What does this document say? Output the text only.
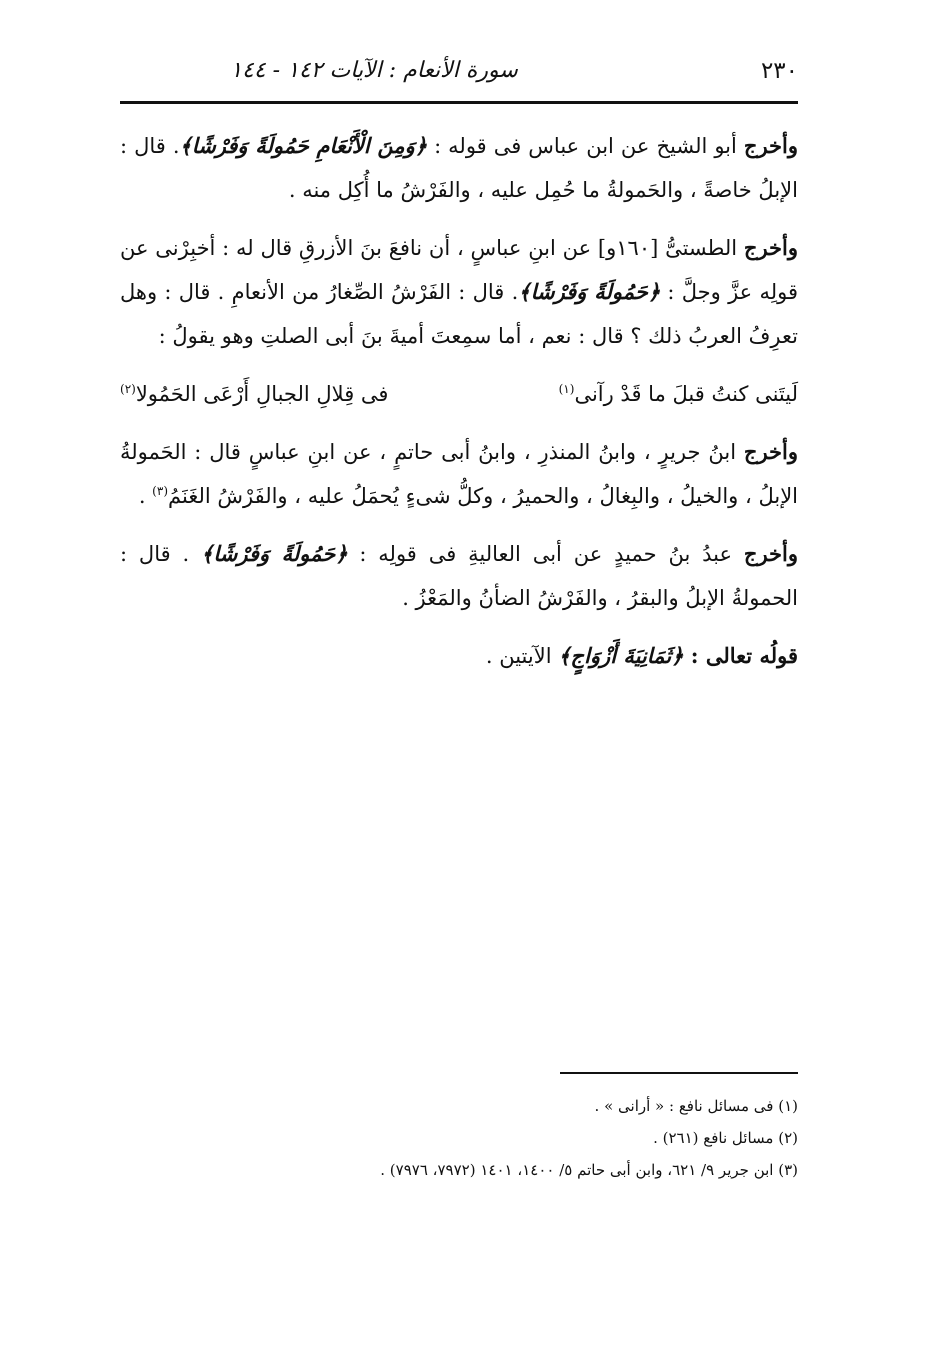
٢٣٠
سورة الأنعام : الآيات ١٤٢ - ١٤٤

وأخرج أبو الشيخ عن ابن عباس فى قوله : ﴿وَمِنَ الْأَنْعَامِ حَمُولَةً وَفَرْشًا﴾. قال : الإبلُ خاصةً ، والحَمولةُ ما حُمِل عليه ، والفَرْشُ ما أُكِل منه .

وأخرج الطستىُّ [١٦٠و] عن ابنِ عباسٍ ، أن نافعَ بنَ الأزرقِ قال له : أخبِرْنى عن قولِه عزَّ وجلَّ : ﴿حَمُولَةً وَفَرْشًا﴾. قال : الفَرْشُ الصِّغارُ من الأنعامِ . قال : وهل تعرِفُ العربُ ذلك ؟ قال : نعم ، أما سمِعتَ أميةَ بنَ أبى الصلتِ وهو يقولُ :

لَيتَنى كنتُ قبلَ ما قَدْ رآنى$^{(١)}$
فى قِلالِ الجبالِ أَرْعَى الحَمُولا$^{(٢)}$

وأخرج ابنُ جريرٍ ، وابنُ المنذرِ ، وابنُ أبى حاتمٍ ، عن ابنِ عباسٍ قال : الحَمولةُ الإبلُ ، والخيلُ ، والبِغالُ ، والحميرُ ، وكلُّ شىءٍ يُحمَلُ عليه ، والفَرْشُ الغَنَمُ$^{(٣)}$ .

وأخرج عبدُ بنُ حميدٍ عن أبى العاليةِ فى قولِه : ﴿حَمُولَةً وَفَرْشًا﴾ . قال : الحمولةُ الإبلُ والبقرُ ، والفَرْشُ الضأنُ والمَعْزُ .

قولُه تعالى : ﴿ثَمَانِيَةَ أَزْوَاجٍ﴾ الآيتين .

(١) فى مسائل نافع : « أرانى » .

(٢) مسائل نافع (٢٦١) .

(٣) ابن جرير ٩/ ٦٢١، وابن أبى حاتم ٥/ ١٤٠٠، ١٤٠١ (٧٩٧٢، ٧٩٧٦) .
